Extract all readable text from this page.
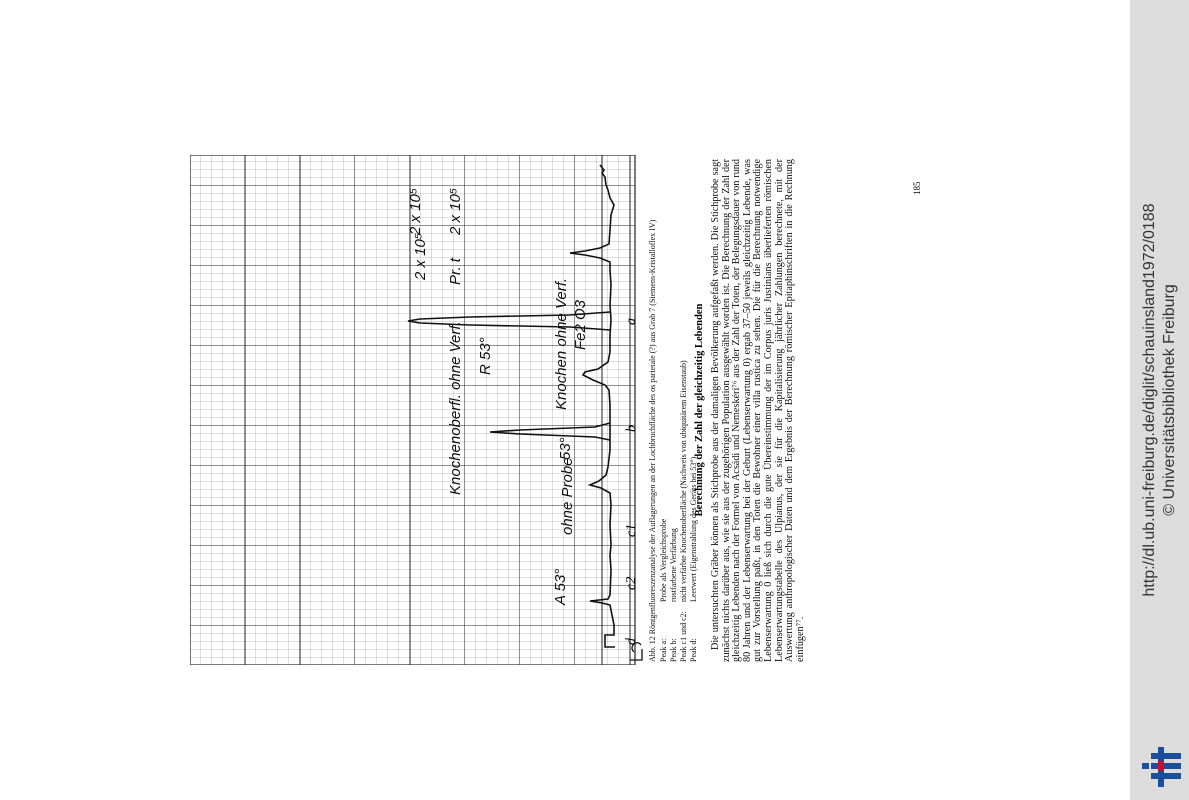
d
c2
c1
b
a
A 53°
ohne Probe
Knochenoberfl. ohne Verf.	53°
Knochen ohne Verf. Fe2 O3
R 53°
Pr. t
2 x 10⁵
2 x 10⁵
2 x 10⁵
Abb. 12 Röntgenfluoreszenzanalyse der Auflagerungen an der Lochbruchfläche des os parietale (?) aus Grab 7 (Siemens-Kristalloflex IV) Peak a:
Probe als Vergleichsprobe
Peak b:
rostfarbene Verfärbung
Peak c1 und c2:
nicht verfärbte Knochenoberfläche (Nachweis von ubiquitärem Eisenstaub)
Peak d:
Leerwert (Eigenstrahlung des Geräts bei 53°)
Berechnung der Zahl der gleichzeitig Lebenden Die untersuchten Gräber können als Stichprobe aus der damaligen Bevölkerung aufgefaßt werden. Die Stichprobe sagt zunächst nichts darüber aus, wie sie aus der zugehörigen Population ausgewählt worden ist. Die Berechnung der Zahl der gleichzeitig Lebenden nach der Formel von Acsádi und Nemeskéri⁷⁶ aus der Zahl der Toten, der Belegungsdauer von rund 80 Jahren und der Lebenserwartung bei der Geburt (Lebenserwartung 0) ergab 37–50 jeweils gleichzeitig Lebende, was gut zur Vorstellung paßt, in den Toten die Bewohner einer villa rustica zu sehen. Die für die Berechnung notwendige Lebenserwartung 0 ließ sich durch die gute Übereinstimmung der im Corpus juris Justinians überlieferten römischen Lebenserwartungstabelle des Ulpianus, der sie für die Kapitalisierung jährlicher Zahlungen berechnete, mit der Auswertung anthropologischer Daten und dem Ergebnis der Berechnung römischer Epitaphinschriften in die Rechnung einfügen⁷⁷.

185
http://dl.ub.uni-freiburg.de/diglit/schauinsland1972/0188 © Universitätsbibliothek Freiburg
